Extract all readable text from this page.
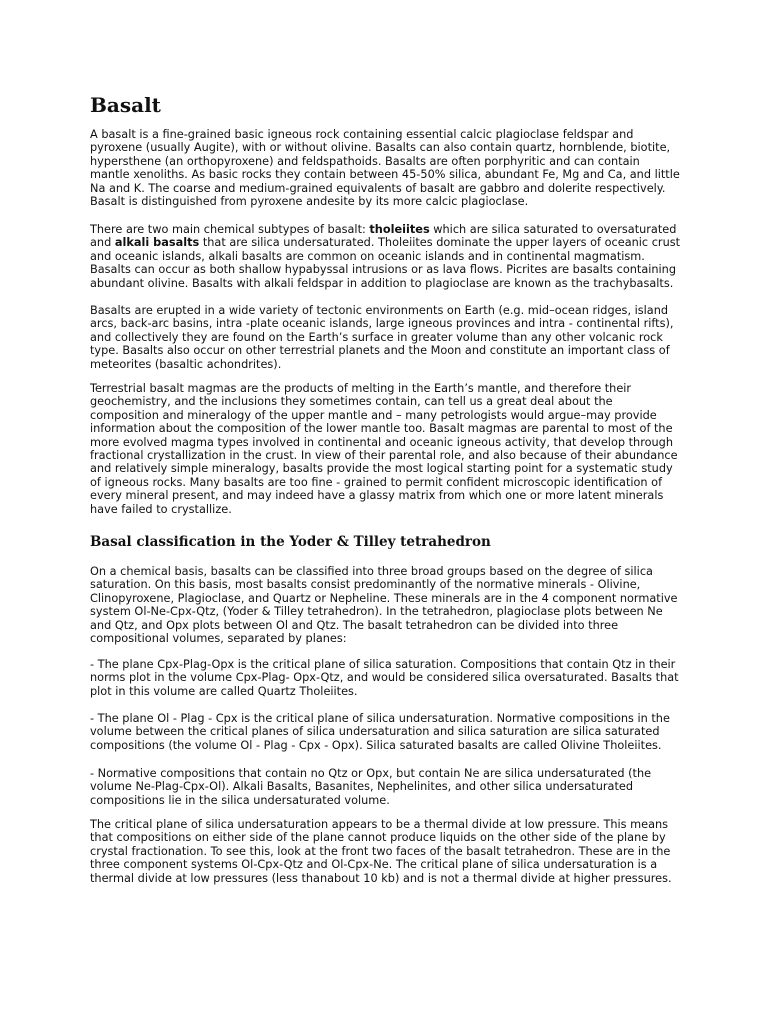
Basalt

A basalt is a fine-grained basic igneous rock containing essential calcic plagioclase feldspar and pyroxene (usually Augite), with or without olivine. Basalts can also contain quartz, hornblende, biotite, hypersthene (an orthopyroxene) and feldspathoids. Basalts are often porphyritic and can contain mantle xenoliths. As basic rocks they contain between 45-50% silica, abundant Fe, Mg and Ca, and little Na and K. The coarse and medium-grained equivalents of basalt are gabbro and dolerite respectively. Basalt is distinguished from pyroxene andesite by its more calcic plagioclase.

There are two main chemical subtypes of basalt: tholeiites which are silica saturated to oversaturated and alkali basalts that are silica undersaturated. Tholeiites dominate the upper layers of oceanic crust and oceanic islands, alkali basalts are common on oceanic islands and in continental magmatism. Basalts can occur as both shallow hypabyssal intrusions or as lava flows. Picrites are basalts containing abundant olivine. Basalts with alkali feldspar in addition to plagioclase are known as the trachybasalts.

Basalts are erupted in a wide variety of tectonic environments on Earth (e.g. mid–ocean ridges, island arcs, back-arc basins, intra -plate oceanic islands, large igneous provinces and intra - continental rifts), and collectively they are found on the Earth’s surface in greater volume than any other volcanic rock type. Basalts also occur on other terrestrial planets and the Moon and constitute an important class of meteorites (basaltic achondrites).

Terrestrial basalt magmas are the products of melting in the Earth’s mantle, and therefore their geochemistry, and the inclusions they sometimes contain, can tell us a great deal about the composition and mineralogy of the upper mantle and – many petrologists would argue–may provide information about the composition of the lower mantle too. Basalt magmas are parental to most of the more evolved magma types involved in continental and oceanic igneous activity, that develop through fractional crystallization in the crust. In view of their parental role, and also because of their abundance and relatively simple mineralogy, basalts provide the most logical starting point for a systematic study of igneous rocks. Many basalts are too fine - grained to permit confident microscopic identification of every mineral present, and may indeed have a glassy matrix from which one or more latent minerals have failed to crystallize.

Basal classification in the Yoder & Tilley tetrahedron

On a chemical basis, basalts can be classified into three broad groups based on the degree of silica saturation. On this basis, most basalts consist predominantly of the normative minerals - Olivine, Clinopyroxene, Plagioclase, and Quartz or Nepheline. These minerals are in the 4 component normative system Ol-Ne-Cpx-Qtz, (Yoder & Tilley tetrahedron). In the tetrahedron, plagioclase plots between Ne and Qtz, and Opx plots between Ol and Qtz. The basalt tetrahedron can be divided into three compositional volumes, separated by planes:

- The plane Cpx-Plag-Opx is the critical plane of silica saturation. Compositions that contain Qtz in their norms plot in the volume Cpx-Plag- Opx-Qtz, and would be considered silica oversaturated. Basalts that plot in this volume are called Quartz Tholeiites.

- The plane Ol - Plag - Cpx is the critical plane of silica undersaturation. Normative compositions in the volume between the critical planes of silica undersaturation and silica saturation are silica saturated compositions (the volume Ol - Plag - Cpx - Opx). Silica saturated basalts are called Olivine Tholeiites.

- Normative compositions that contain no Qtz or Opx, but contain Ne are silica undersaturated (the volume Ne-Plag-Cpx-Ol). Alkali Basalts, Basanites, Nephelinites, and other silica undersaturated compositions lie in the silica undersaturated volume.

The critical plane of silica undersaturation appears to be a thermal divide at low pressure. This means that compositions on either side of the plane cannot produce liquids on the other side of the plane by crystal fractionation. To see this, look at the front two faces of the basalt tetrahedron. These are in the three component systems Ol-Cpx-Qtz and Ol-Cpx-Ne. The critical plane of silica undersaturation is a thermal divide at low pressures (less thanabout 10 kb) and is not a thermal divide at higher pressures.
